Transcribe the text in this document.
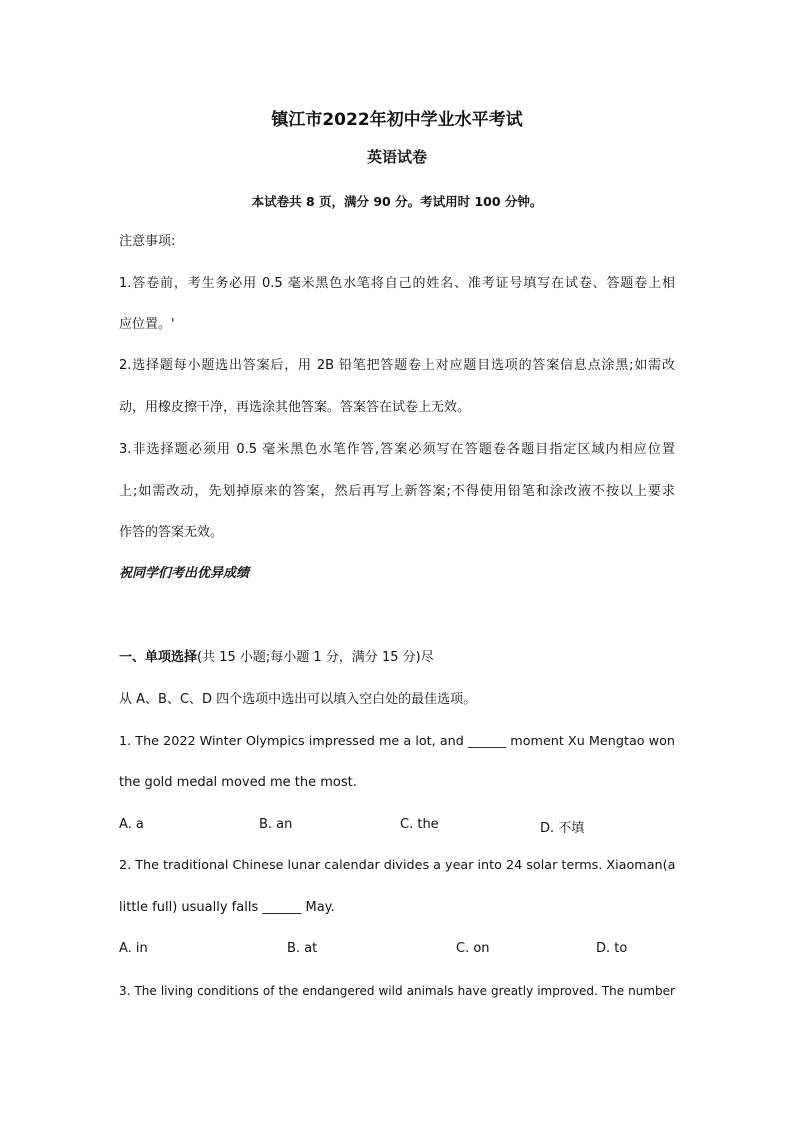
镇江市2022年初中学业水平考试
英语试卷
本试卷共 8 页，满分 90 分。考试用时 100 分钟。
注意事项:
1.答卷前，考生务必用 0.5 毫米黑色水笔将自己的姓名、准考证号填写在试卷、答题卷上相
应位置。'
2.选择题每小题选出答案后，用 2B 铅笔把答题卷上对应题目选项的答案信息点涂黑;如需改
动，用橡皮擦干净，再选涂其他答案。答案答在试卷上无效。
3.非选择题必须用 0.5 毫米黑色水笔作答,答案必须写在答题卷各题目指定区域内相应位置
上;如需改动，先划掉原来的答案，然后再写上新答案;不得使用铅笔和涂改液不按以上要求
作答的答案无效。
祝同学们考出优异成绩
一、单项选择(共 15 小题;每小题 1 分，满分 15 分)尽
从 A、B、C、D 四个选项中选出可以填入空白处的最佳选项。
1. The 2022 Winter Olympics impressed me a lot, and ______ moment Xu Mengtao won
the gold medal moved me the most.
A. a	B. an	C. the	D. 不填
2. The traditional Chinese lunar calendar divides a year into 24 solar terms. Xiaoman(a
little full) usually falls ______ May.
A. in	B. at	C. on	D. to
3. The living conditions of the endangered wild animals have greatly improved. The number
